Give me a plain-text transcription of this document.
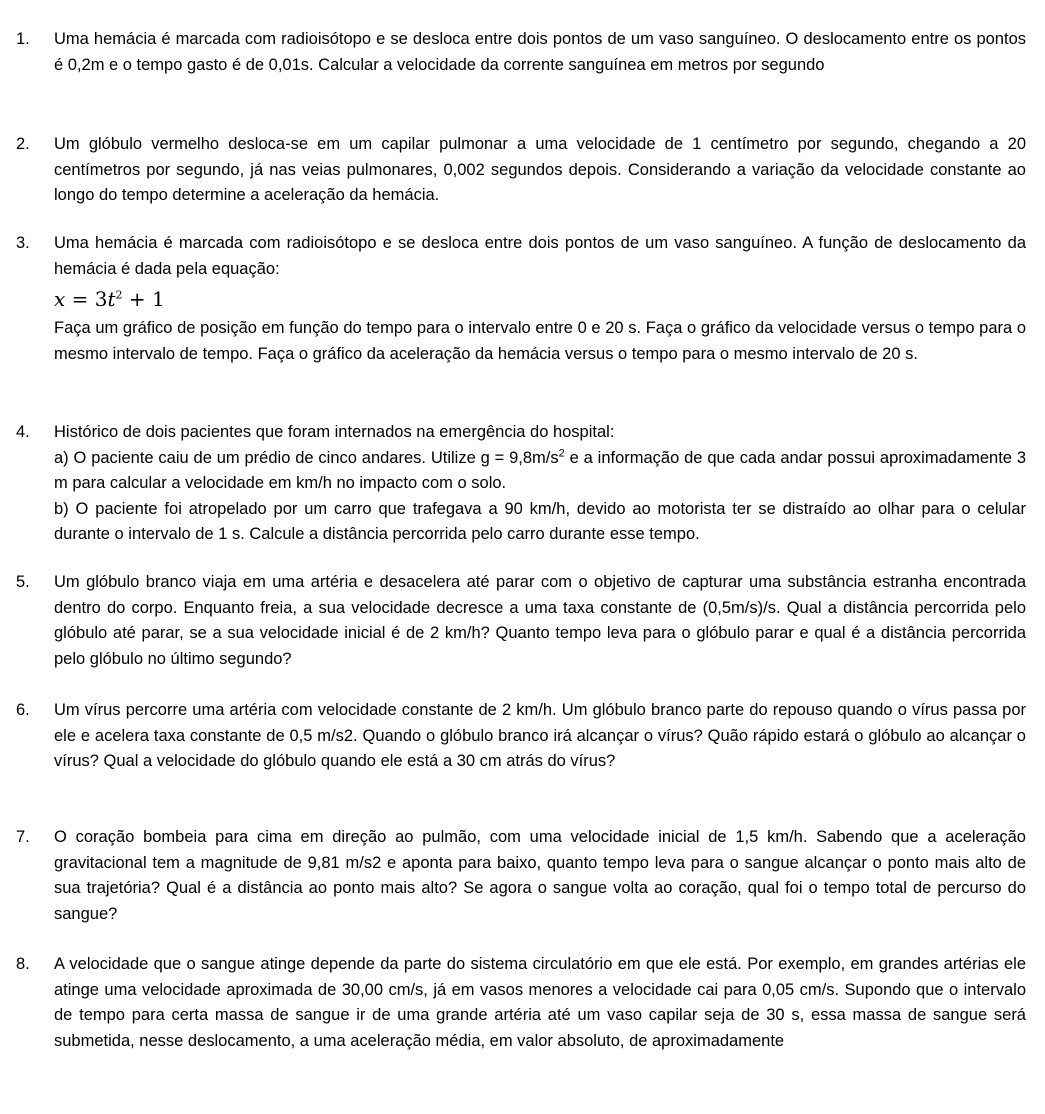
1.	Uma hemácia é marcada com radioisótopo e se desloca entre dois pontos de um vaso sanguíneo. O deslocamento entre os pontos é 0,2m e o tempo gasto é de 0,01s. Calcular a velocidade da corrente sanguínea em metros por segundo

2.	Um glóbulo vermelho desloca-se em um capilar pulmonar a uma velocidade de 1 centímetro por segundo, chegando a 20 centímetros por segundo, já nas veias pulmonares, 0,002 segundos depois. Considerando a variação da velocidade constante ao longo do tempo determine a aceleração da hemácia.

3.	Uma hemácia é marcada com radioisótopo e se desloca entre dois pontos de um vaso sanguíneo. A função de deslocamento da hemácia é dada pela equação:

$x = 3t^2 + 1$

Faça um gráfico de posição em função do tempo para o intervalo entre 0 e 20 s. Faça o gráfico da velocidade versus o tempo para o mesmo intervalo de tempo. Faça o gráfico da aceleração da hemácia versus o tempo para o mesmo intervalo de 20 s.

4.	Histórico de dois pacientes que foram internados na emergência do hospital:

a) O paciente caiu de um prédio de cinco andares. Utilize $g = 9,8m/s^2$ e a informação de que cada andar possui aproximadamente 3 m para calcular a velocidade em km/h no impacto com o solo.

b) O paciente foi atropelado por um carro que trafegava a 90 km/h, devido ao motorista ter se distraído ao olhar para o celular durante o intervalo de 1 s. Calcule a distância percorrida pelo carro durante esse tempo.

5.	Um glóbulo branco viaja em uma artéria e desacelera até parar com o objetivo de capturar uma substância estranha encontrada dentro do corpo. Enquanto freia, a sua velocidade decresce a uma taxa constante de (0,5m/s)/s. Qual a distância percorrida pelo glóbulo até parar, se a sua velocidade inicial é de 2 km/h? Quanto tempo leva para o glóbulo parar e qual é a distância percorrida pelo glóbulo no último segundo?

6.	Um vírus percorre uma artéria com velocidade constante de 2 km/h. Um glóbulo branco parte do repouso quando o vírus passa por ele e acelera taxa constante de 0,5 m/s2. Quando o glóbulo branco irá alcançar o vírus? Quão rápido estará o glóbulo ao alcançar o vírus? Qual a velocidade do glóbulo quando ele está a 30 cm atrás do vírus?

7.	O coração bombeia para cima em direção ao pulmão, com uma velocidade inicial de 1,5 km/h. Sabendo que a aceleração gravitacional tem a magnitude de 9,81 m/s2 e aponta para baixo, quanto tempo leva para o sangue alcançar o ponto mais alto de sua trajetória? Qual é a distância ao ponto mais alto? Se agora o sangue volta ao coração, qual foi o tempo total de percurso do sangue?

8.	A velocidade que o sangue atinge depende da parte do sistema circulatório em que ele está. Por exemplo, em grandes artérias ele atinge uma velocidade aproximada de 30,00 cm/s, já em vasos menores a velocidade cai para 0,05 cm/s. Supondo que o intervalo de tempo para certa massa de sangue ir de uma grande artéria até um vaso capilar seja de 30 s, essa massa de sangue será submetida, nesse deslocamento, a uma aceleração média, em valor absoluto, de aproximadamente
